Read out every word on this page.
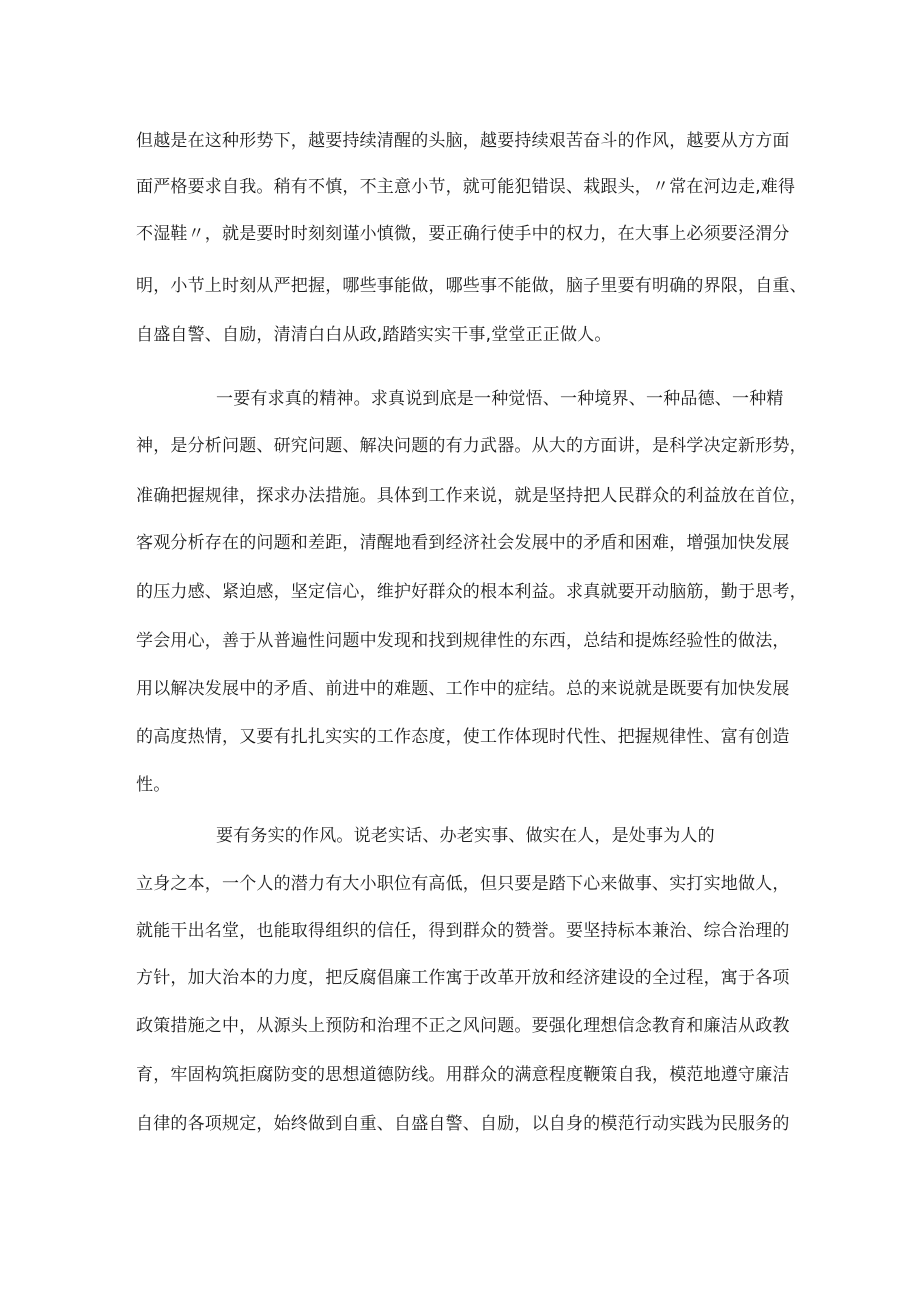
但越是在这种形势下，越要持续清醒的头脑，越要持续艰苦奋斗的作风，越要从方方面
面严格要求自我。稍有不慎，不主意小节，就可能犯错误、栽跟头，〃常在河边走,难得
不湿鞋〃，就是要时时刻刻谨小慎微，要正确行使手中的权力，在大事上必须要泾渭分
明，小节上时刻从严把握，哪些事能做，哪些事不能做，脑子里要有明确的界限，自重、
自盛自警、自励，清清白白从政,踏踏实实干事,堂堂正正做人。
一要有求真的精神。求真说到底是一种觉悟、一种境界、一种品德、一种精
神，是分析问题、研究问题、解决问题的有力武器。从大的方面讲，是科学决定新形势，
准确把握规律，探求办法措施。具体到工作来说，就是坚持把人民群众的利益放在首位，
客观分析存在的问题和差距，清醒地看到经济社会发展中的矛盾和困难，增强加快发展
的压力感、紧迫感，坚定信心，维护好群众的根本利益。求真就要开动脑筋，勤于思考，
学会用心，善于从普遍性问题中发现和找到规律性的东西，总结和提炼经验性的做法，
用以解决发展中的矛盾、前进中的难题、工作中的症结。总的来说就是既要有加快发展
的高度热情，又要有扎扎实实的工作态度，使工作体现时代性、把握规律性、富有创造
性。
要有务实的作风。说老实话、办老实事、做实在人，是处事为人的
立身之本，一个人的潜力有大小职位有高低，但只要是踏下心来做事、实打实地做人，
就能干出名堂，也能取得组织的信任，得到群众的赞誉。要坚持标本兼治、综合治理的
方针，加大治本的力度，把反腐倡廉工作寓于改革开放和经济建设的全过程，寓于各项
政策措施之中，从源头上预防和治理不正之风问题。要强化理想信念教育和廉洁从政教
育，牢固构筑拒腐防变的思想道德防线。用群众的满意程度鞭策自我，模范地遵守廉洁
自律的各项规定，始终做到自重、自盛自警、自励，以自身的模范行动实践为民服务的
